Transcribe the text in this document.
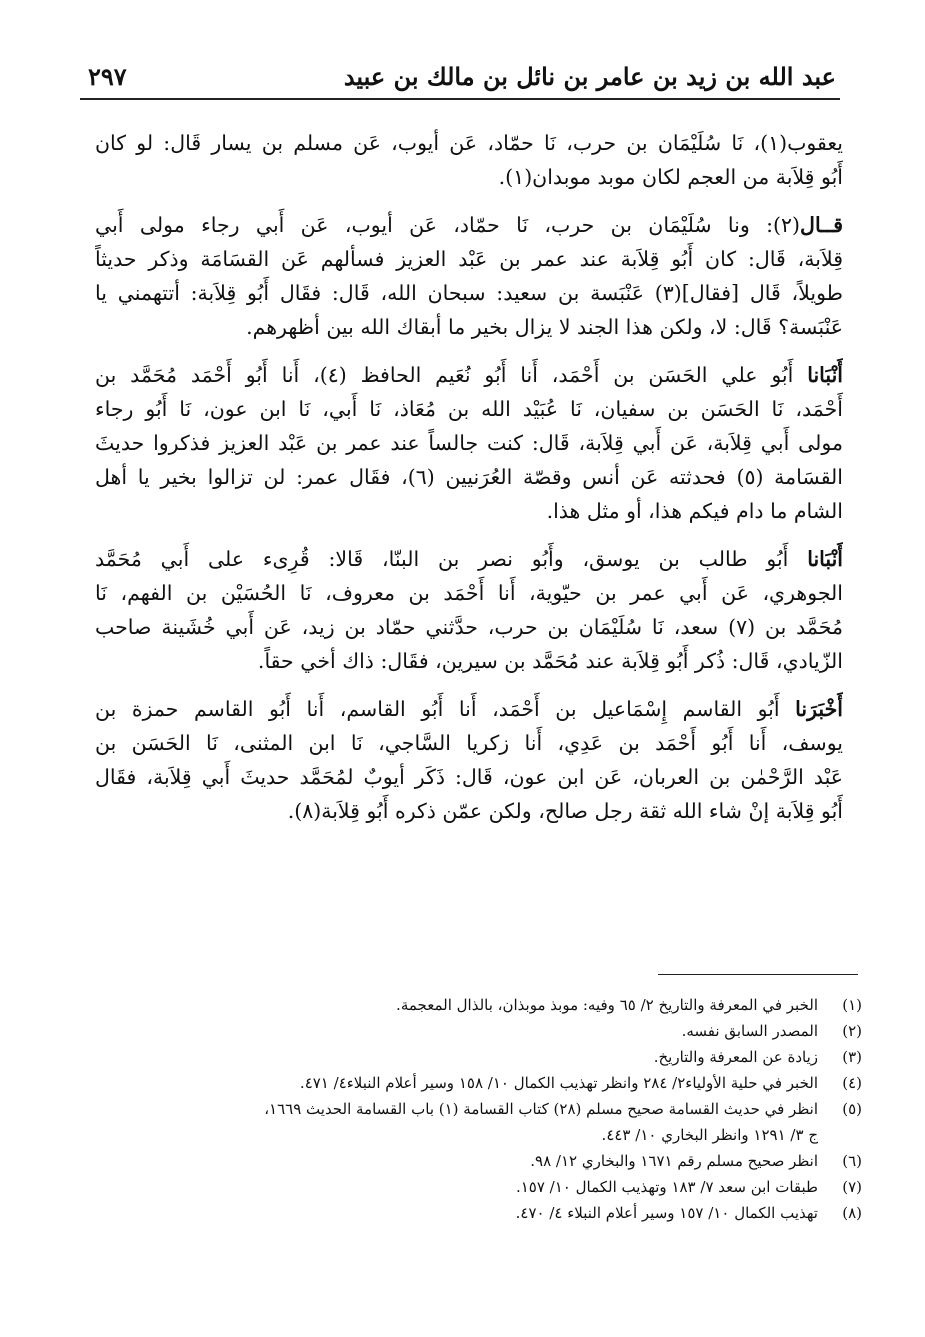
عبد الله بن زيد بن عامر بن نائل بن مالك بن عبيد
٢٩٧
يعقوب(١)، نَا سُلَيْمَان بن حرب، نَا حمّاد، عَن أيوب، عَن مسلم بن يسار قَال: لو كان
أَبُو قِلاَبة من العجم لكان موبد موبدان(١).
قــال(٢): ونا سُلَيْمَان بن حرب، نَا حمّاد، عَن أيوب، عَن أَبي رجاء مولى أَبي
قِلاَبة، قَال: كان أَبُو قِلاَبة عند عمر بن عَبْد العزيز فسألهم عَن القسَامَة وذكر حديثاً
طويلاً، قَال [فقال](٣) عَنْبَسة بن سعيد: سبحان الله، قَال: فقَال أَبُو قِلاَبة: أتتهمني يا
عَنْبَسة؟ قَال: لا، ولكن هذا الجند لا يزال بخير ما أبقاك الله بين أظهرهم.
أَنْبَانا أَبُو علي الحَسَن بن أَحْمَد، أَنا أَبُو نُعَيم الحافظ (٤)، أَنا أَبُو أَحْمَد مُحَمَّد بن
أَحْمَد، نَا الحَسَن بن سفيان، نَا عُبَيْد الله بن مُعَاذ، نَا أَبي، نَا ابن عون، نَا أَبُو رجاء
مولى أَبي قِلاَبة، عَن أَبي قِلاَبة، قَال: كنت جالساً عند عمر بن عَبْد العزيز فذكروا حديثَ
القسَامة (٥) فحدثته عَن أنس وقصّة العُرَنيين (٦)، فقَال عمر: لن تزالوا بخير يا أهل
الشام ما دام فيكم هذا، أو مثل هذا.
أَنْبَانا أَبُو طالب بن يوسق، وأَبُو نصر بن البنّا، قَالا: قُرِىء على أَبي مُحَمَّد
الجوهري، عَن أَبي عمر بن حيّوية، أَنا أَحْمَد بن معروف، نَا الحُسَيْن بن الفهم، نَا
مُحَمَّد بن (٧) سعد، نَا سُلَيْمَان بن حرب، حدَّثني حمّاد بن زيد، عَن أَبي خُشَينة صاحب
الزّيادي، قَال: ذُكر أَبُو قِلاَبة عند مُحَمَّد بن سيرين، فقَال: ذاك أخي حقاً.
أَخْبَرَنا أَبُو القاسم إِسْمَاعيل بن أَحْمَد، أَنا أَبُو القاسم، أَنا أَبُو القاسم حمزة بن
يوسف، أَنا أَبُو أَحْمَد بن عَدِي، أَنا زكريا السَّاجي، نَا ابن المثنى، نَا الحَسَن بن
عَبْد الرَّحْمٰن بن العربان، عَن ابن عون، قَال: ذَكَر أيوبٌ لمُحَمَّد حديثَ أَبي قِلاَبة، فقَال
أَبُو قِلاَبة إنْ شاء الله ثقة رجل صالح، ولكن عمّن ذكره أَبُو قِلاَبة(٨).
(١)
الخبر في المعرفة والتاريخ ٢/ ٦٥ وفيه: موبذ موبذان، بالذال المعجمة.
(٢)
المصدر السابق نفسه.
(٣)
زيادة عن المعرفة والتاريخ.
(٤)
الخبر في حلية الأولياء٢/ ٢٨٤ وانظر تهذيب الكمال ١٠/ ١٥٨ وسير أعلام النبلاء٤/ ٤٧١.
(٥)
انظر في حديث القسامة صحيح مسلم (٢٨) كتاب القسامة (١) باب القسامة الحديث ١٦٦٩،
ج ٣/ ١٢٩١ وانظر البخاري ١٠/ ٤٤٣.
(٦)
انظر صحيح مسلم رقم ١٦٧١ والبخاري ١٢/ ٩٨.
(٧)
طبقات ابن سعد ٧/ ١٨٣ وتهذيب الكمال ١٠/ ١٥٧.
(٨)
تهذيب الكمال ١٠/ ١٥٧ وسير أعلام النبلاء ٤/ ٤٧٠.
